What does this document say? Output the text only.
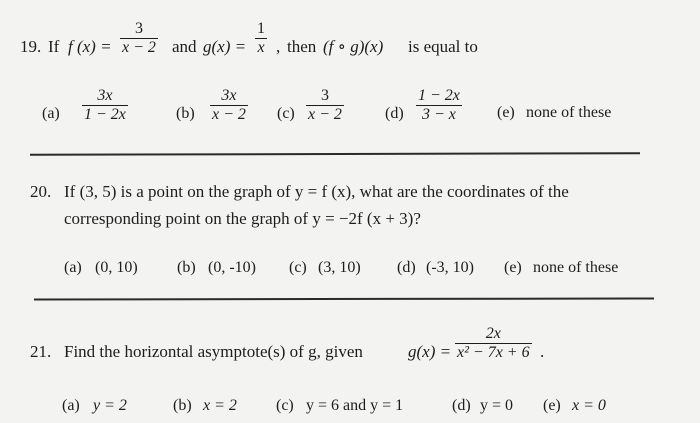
19. If f (x) =
3
x − 2 and g(x) =
1
x , then (f ∘ g)(x) is equal to
(a)
3x
1 − 2x	(b)
3x
x − 2 (c)
3
x − 2	(d)
1 − 2x
3 − x	(e) none of these
20. If (3, 5) is a point on the graph of y = f (x), what are the coordinates of the
corresponding point on the graph of y = −2f (x + 3)?
(a) (0, 10) (b) (0, -10) (c) (3, 10) (d) (-3, 10) (e) none of these
21. Find the horizontal asymptote(s) of g, given	g(x) =
2x
x² − 7x + 6 .
(a) y = 2	(b) x = 2 (c) y = 6 and y = 1	(d) y = 0 (e) x = 0
